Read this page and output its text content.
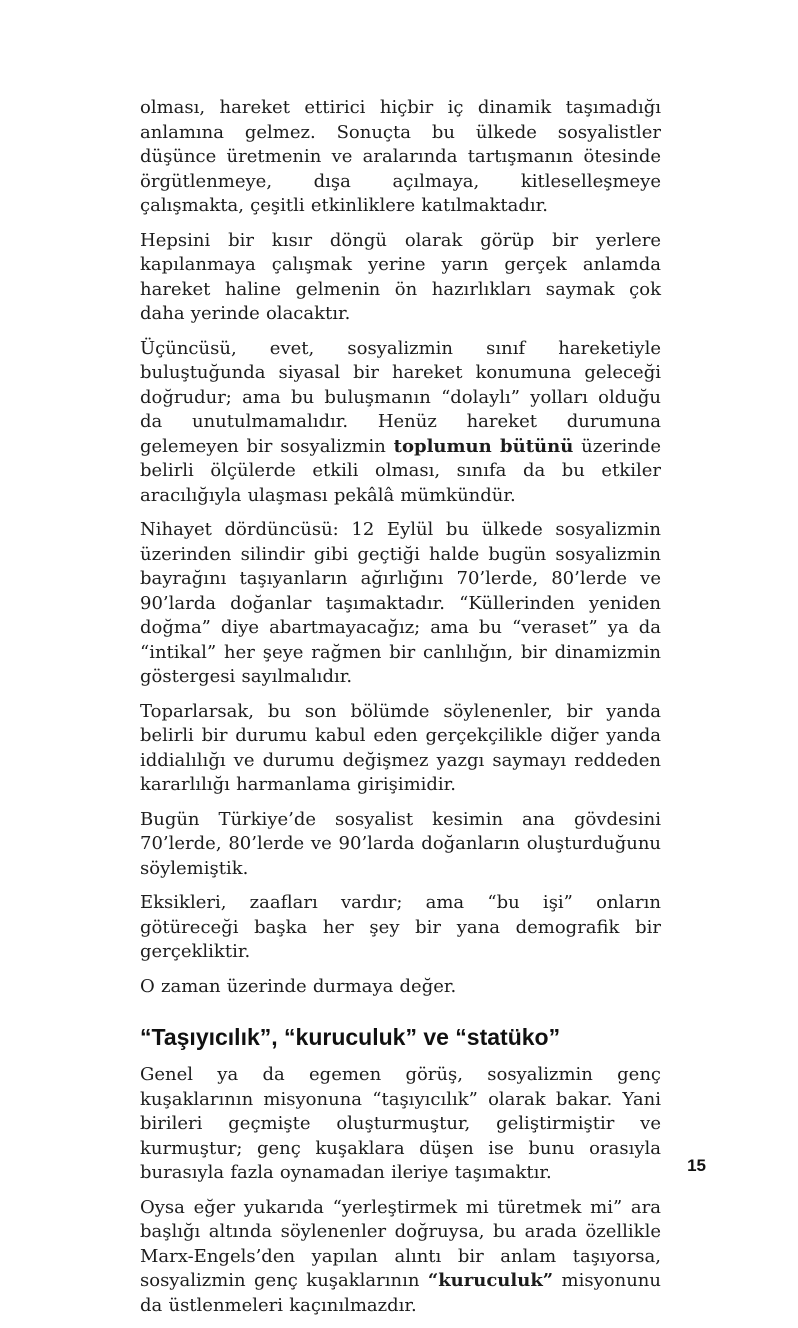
olması, hareket ettirici hiçbir iç dinamik taşımadığı anlamına gelmez. Sonuçta bu ülkede sosyalistler düşünce üretmenin ve aralarında tartışmanın ötesinde örgütlenmeye, dışa açılmaya, kitleselleşmeye çalışmakta, çeşitli etkinliklere katılmaktadır.

Hepsini bir kısır döngü olarak görüp bir yerlere kapılanmaya çalışmak yerine yarın gerçek anlamda hareket haline gelmenin ön hazırlıkları saymak çok daha yerinde olacaktır.

Üçüncüsü, evet, sosyalizmin sınıf hareketiyle buluştuğunda siyasal bir hareket konumuna geleceği doğrudur; ama bu buluşmanın “dolaylı” yolları olduğu da unutulmamalıdır. Henüz hareket durumuna gelemeyen bir sosyalizmin toplumun bütünü üzerinde belirli ölçülerde etkili olması, sınıfa da bu etkiler aracılığıyla ulaşması pekâlâ mümkündür.

Nihayet dördüncüsü: 12 Eylül bu ülkede sosyalizmin üzerinden silindir gibi geçtiği halde bugün sosyalizmin bayrağını taşıyanların ağırlığını 70’lerde, 80’lerde ve 90’larda doğanlar taşımaktadır. “Küllerinden yeniden doğma” diye abartmayacağız; ama bu “veraset” ya da “intikal” her şeye rağmen bir canlılığın, bir dinamizmin göstergesi sayılmalıdır.

Toparlarsak, bu son bölümde söylenenler, bir yanda belirli bir durumu kabul eden gerçekçilikle diğer yanda iddialılığı ve durumu değişmez yazgı saymayı reddeden kararlılığı harmanlama girişimidir.

Bugün Türkiye’de sosyalist kesimin ana gövdesini 70’lerde, 80’lerde ve 90’larda doğanların oluşturduğunu söylemiştik.

Eksikleri, zaafları vardır; ama “bu işi” onların götüreceği başka her şey bir yana demografik bir gerçekliktir.

O zaman üzerinde durmaya değer.

“Taşıyıcılık”, “kuruculuk” ve “statüko”

Genel ya da egemen görüş, sosyalizmin genç kuşaklarının misyonuna “taşıyıcılık” olarak bakar. Yani birileri geçmişte oluşturmuştur, geliştirmiştir ve kurmuştur; genç kuşaklara düşen ise bunu orasıyla burasıyla fazla oynamadan ileriye taşımaktır.

Oysa eğer yukarıda “yerleştirmek mi türetmek mi” ara başlığı altında söylenenler doğruysa, bu arada özellikle Marx-Engels’den yapılan alıntı bir anlam taşıyorsa, sosyalizmin genç kuşaklarının “kuruculuk” misyonunu da üstlenmeleri kaçınılmazdır.

15
